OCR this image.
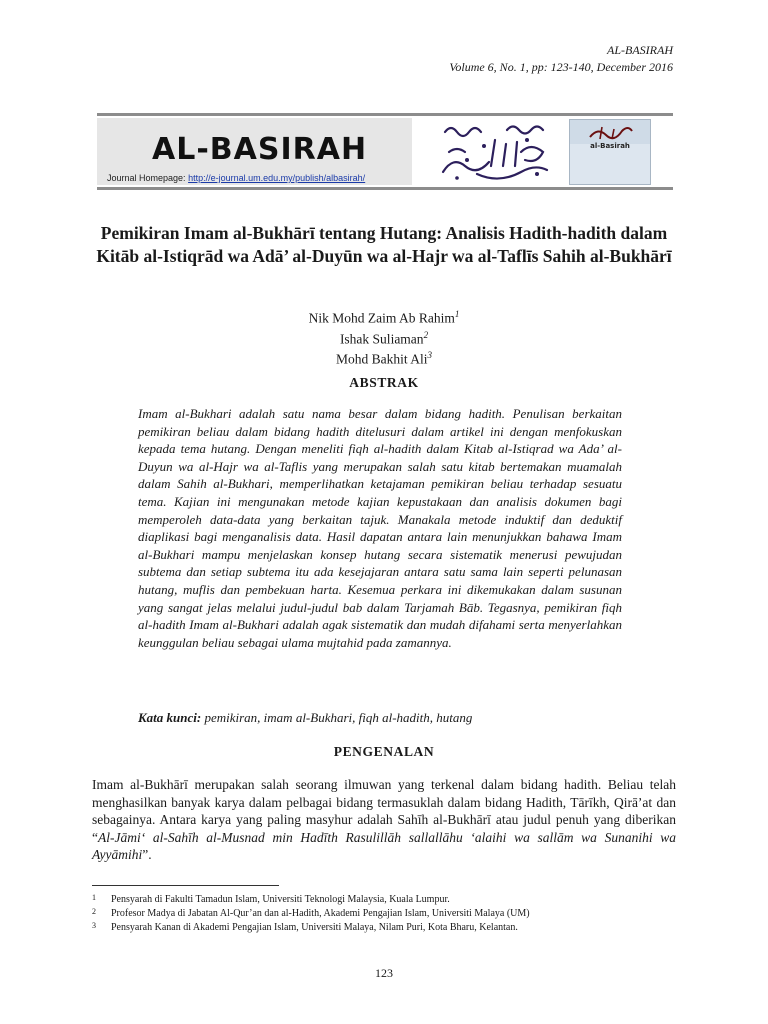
AL-BASIRAH
Volume 6, No. 1, pp: 123-140, December 2016
AL-BASIRAH
Journal Homepage: http://e-journal.um.edu.my/publish/albasirah/
al-Basirah
Pemikiran Imam al-Bukhārī tentang Hutang: Analisis Hadith-hadith dalam Kitāb al-Istiqrād wa Adā’ al-Duyūn wa al-Hajr wa al-Taflīs Sahih al-Bukhārī
Nik Mohd Zaim Ab Rahim$^1$
Ishak Suliaman$^2$
Mohd Bakhit Ali$^3$
ABSTRAK

Imam al-Bukhari adalah satu nama besar dalam bidang hadith. Penulisan berkaitan pemikiran beliau dalam bidang hadith ditelusuri dalam artikel ini dengan menfokuskan kepada tema hutang. Dengan meneliti fiqh al-hadith dalam Kitab al-Istiqrad wa Ada’ al-Duyun wa al-Hajr wa al-Taflis yang merupakan salah satu kitab bertemakan muamalah dalam Sahih al-Bukhari, memperlihatkan ketajaman pemikiran beliau terhadap sesuatu tema. Kajian ini mengunakan metode kajian kepustakaan dan analisis dokumen bagi memperoleh data-data yang berkaitan tajuk. Manakala metode induktif dan deduktif diaplikasi bagi menganalisis data. Hasil dapatan antara lain menunjukkan bahawa Imam al-Bukhari mampu menjelaskan konsep hutang secara sistematik menerusi pewujudan subtema dan setiap subtema itu ada kesejajaran antara satu sama lain seperti pelunasan hutang, muflis dan pembekuan harta. Kesemua perkara ini dikemukakan dalam susunan yang sangat jelas melalui judul-judul bab dalam Tarjamah Bāb. Tegasnya, pemikiran fiqh al-hadith Imam al-Bukhari adalah agak sistematik dan mudah difahami serta menyerlahkan keunggulan beliau sebagai ulama mujtahid pada zamannya.

Kata kunci: pemikiran, imam al-Bukhari, fiqh al-hadith, hutang
PENGENALAN

Imam al-Bukhārī merupakan salah seorang ilmuwan yang terkenal dalam bidang hadith. Beliau telah menghasilkan banyak karya dalam pelbagai bidang termasuklah dalam bidang Hadith, Tārīkh, Qirā’at dan sebagainya. Antara karya yang paling masyhur adalah Sahīh al-Bukhārī atau judul penuh yang diberikan “Al-Jāmi‘ al-Sahīh al-Musnad min Hadīth Rasulillāh sallallāhu ‘alaihi wa sallām wa Sunanihi wa Ayyāmihi”.

1 Pensyarah di Fakulti Tamadun Islam, Universiti Teknologi Malaysia, Kuala Lumpur.
2 Profesor Madya di Jabatan Al-Qur’an dan al-Hadith, Akademi Pengajian Islam, Universiti Malaya (UM)
3 Pensyarah Kanan di Akademi Pengajian Islam, Universiti Malaya, Nilam Puri, Kota Bharu, Kelantan.
123
